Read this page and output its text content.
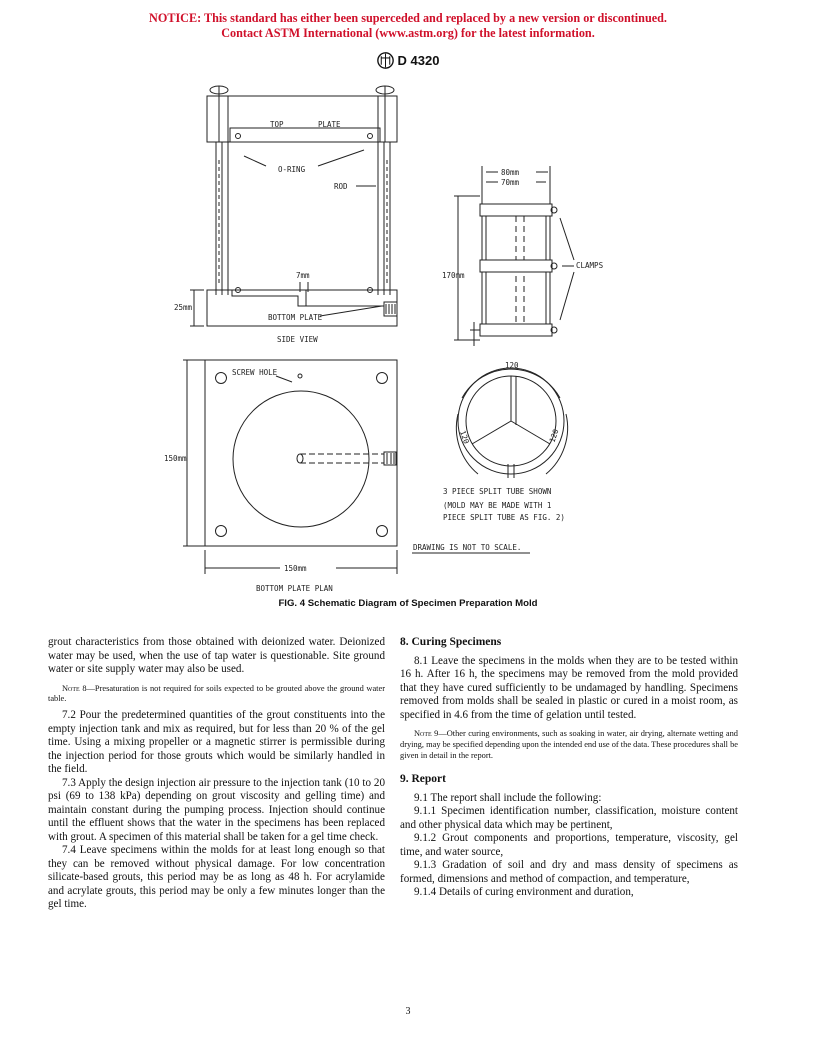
NOTICE: This standard has either been superceded and replaced by a new version or discontinued.
Contact ASTM International (www.astm.org) for the latest information.
D 4320
TOP	PLATE
O-RING
ROD
7mm
25mm
BOTTOM PLATE
SIDE VIEW
80mm
70mm
170mm
CLAMPS
SCREW HOLE
150mm
150mm
BOTTOM PLATE PLAN
120
120	120
3 PIECE SPLIT TUBE SHOWN
(MOLD MAY BE MADE WITH 1
PIECE SPLIT TUBE AS FIG. 2)
DRAWING IS NOT TO SCALE.
FIG. 4 Schematic Diagram of Specimen Preparation Mold

grout characteristics from those obtained with deionized water. Deionized water may be used, when the use of tap water is questionable. Site ground water or site supply water may also be used.

Note 8—Presaturation is not required for soils expected to be grouted above the ground water table.

7.2 Pour the predetermined quantities of the grout constituents into the empty injection tank and mix as required, but for less than 20 % of the gel time. Using a mixing propeller or a magnetic stirrer is permissible during the injection period for those grouts which would be similarly handled in the field.

7.3 Apply the design injection air pressure to the injection tank (10 to 20 psi (69 to 138 kPa) depending on grout viscosity and gelling time) and maintain constant during the pumping process. Injection should continue until the effluent shows that the water in the specimens has been replaced with grout. A specimen of this material shall be taken for a gel time check.

7.4 Leave specimens within the molds for at least long enough so that they can be removed without physical damage. For low concentration silicate-based grouts, this period may be as long as 48 h. For acrylamide and acrylate grouts, this period may be only a few minutes longer than the gel time.

8. Curing Specimens

8.1 Leave the specimens in the molds when they are to be tested within 16 h. After 16 h, the specimens may be removed from the mold provided that they have cured sufficiently to be undamaged by handling. Specimens removed from molds shall be sealed in plastic or cured in a moist room, as specified in 4.6 from the time of gelation until tested.

Note 9—Other curing environments, such as soaking in water, air drying, alternate wetting and drying, may be specified depending upon the intended end use of the data. These procedures shall be given in detail in the report.
9. Report

9.1 The report shall include the following:

9.1.1 Specimen identification number, classification, moisture content and other physical data which may be pertinent,

9.1.2 Grout components and proportions, temperature, viscosity, gel time, and water source,

9.1.3 Gradation of soil and dry and mass density of specimens as formed, dimensions and method of compaction, and temperature,

9.1.4 Details of curing environment and duration,

3
